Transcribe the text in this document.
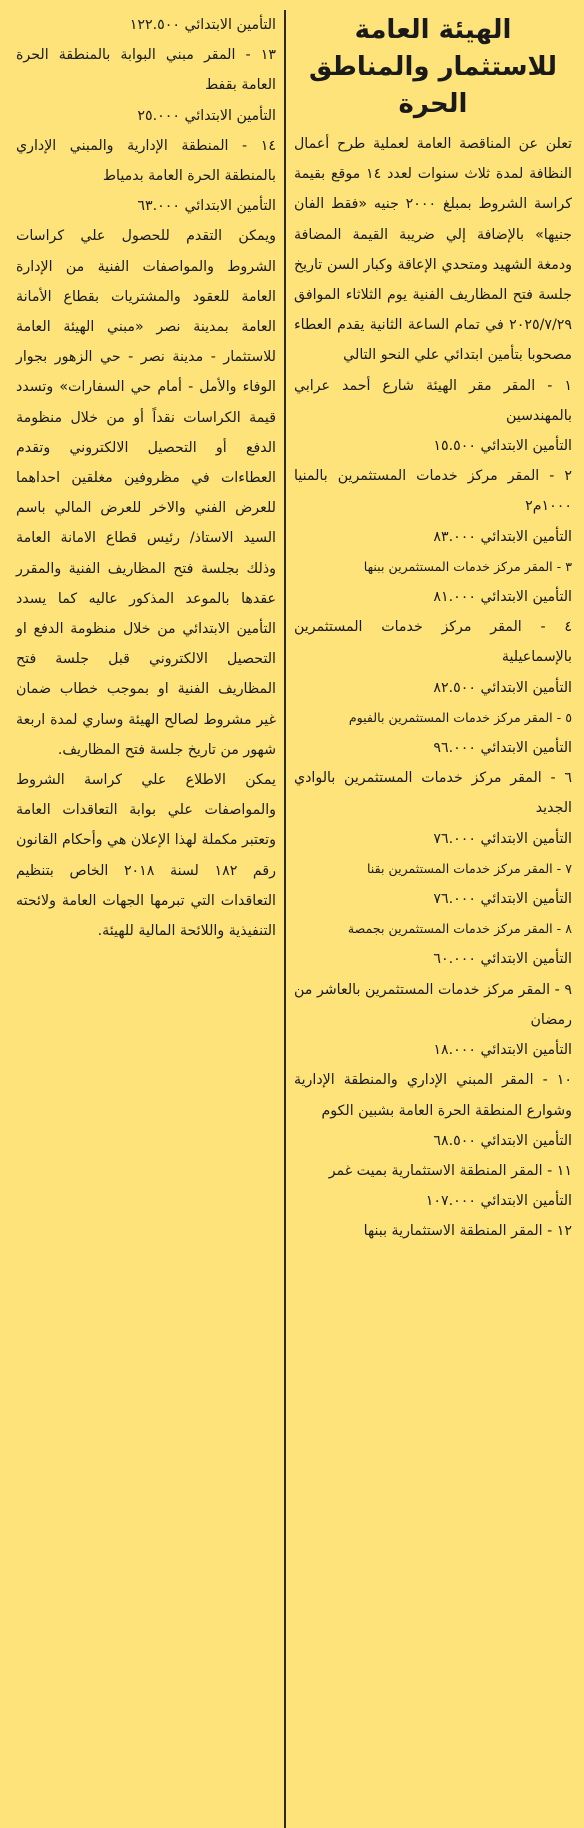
الهيئة العامة للاستثمار والمناطق الحرة

تعلن عن المناقصة العامة لعملية طرح أعمال النظافة لمدة ثلاث سنوات لعدد ١٤ موقع بقيمة كراسة الشروط بمبلغ ٢٠٠٠ جنيه «فقط الفان جنيها» بالإضافة إلي ضريبة القيمة المضافة ودمغة الشهيد ومتحدي الإعاقة وكبار السن تاريخ جلسة فتح المظاريف الفنية يوم الثلاثاء الموافق ٢٠٢٥/٧/٢٩ في تمام الساعة الثانية يقدم العطاء مصحوبا بتأمين ابتدائي علي النحو التالي

١ - المقر مقر الهيئة شارع أحمد عرابي بالمهندسين

التأمين الابتدائي ١٥.٥٠٠

٢ - المقر مركز خدمات المستثمرين بالمنيا ١٠٠٠م٢

التأمين الابتدائي ٨٣.٠٠٠

٣ - المقر مركز خدمات المستثمرين ببنها

التأمين الابتدائي ٨١.٠٠٠

٤ - المقر مركز خدمات المستثمرين بالإسماعيلية

التأمين الابتدائي ٨٢.٥٠٠

٥ - المقر مركز خدمات المستثمرين بالفيوم

التأمين الابتدائي ٩٦.٠٠٠

٦ - المقر مركز خدمات المستثمرين بالوادي الجديد

التأمين الابتدائي ٧٦.٠٠٠

٧ - المقر مركز خدمات المستثمرين بقنا

التأمين الابتدائي ٧٦.٠٠٠

٨ - المقر مركز خدمات المستثمرين بجمصة

التأمين الابتدائي ٦٠.٠٠٠

٩ - المقر مركز خدمات المستثمرين بالعاشر من رمضان

التأمين الابتدائي ١٨.٠٠٠

١٠ - المقر المبني الإداري والمنطقة الإدارية وشوارع المنطقة الحرة العامة بشبين الكوم

التأمين الابتدائي ٦٨.٥٠٠

١١ - المقر المنطقة الاستثمارية بميت غمر

التأمين الابتدائي ١٠٧.٠٠٠

١٢ - المقر المنطقة الاستثمارية ببنها

التأمين الابتدائي ١٢٢.٥٠٠

١٣ - المقر مبني البوابة بالمنطقة الحرة العامة بقفط

التأمين الابتدائي ٢٥.٠٠٠

١٤ - المنطقة الإدارية والمبني الإداري بالمنطقة الحرة العامة بدمياط

التأمين الابتدائي ٦٣.٠٠٠

ويمكن التقدم للحصول علي كراسات الشروط والمواصفات الفنية من الإدارة العامة للعقود والمشتريات بقطاع الأمانة العامة بمدينة نصر «مبني الهيئة العامة للاستثمار - مدينة نصر - حي الزهور بجوار الوفاء والأمل - أمام حي السفارات» وتسدد قيمة الكراسات نقداً أو من خلال منظومة الدفع أو التحصيل الالكتروني وتقدم العطاءات في مظروفين مغلقين احداهما للعرض الفني والاخر للعرض المالي باسم السيد الاستاذ/ رئيس قطاع الامانة العامة وذلك بجلسة فتح المظاريف الفنية والمقرر عقدها بالموعد المذكور عاليه كما يسدد التأمين الابتدائي من خلال منظومة الدفع او التحصيل الالكتروني قبل جلسة فتح المظاريف الفنية او بموجب خطاب ضمان غير مشروط لصالح الهيئة وساري لمدة اربعة شهور من تاريخ جلسة فتح المظاريف.

يمكن الاطلاع علي كراسة الشروط والمواصفات علي بوابة التعاقدات العامة وتعتبر مكملة لهذا الإعلان هي وأحكام القانون رقم ١٨٢ لسنة ٢٠١٨ الخاص بتنظيم التعاقدات التي تبرمها الجهات العامة ولائحته التنفيذية واللائحة المالية للهيئة.
